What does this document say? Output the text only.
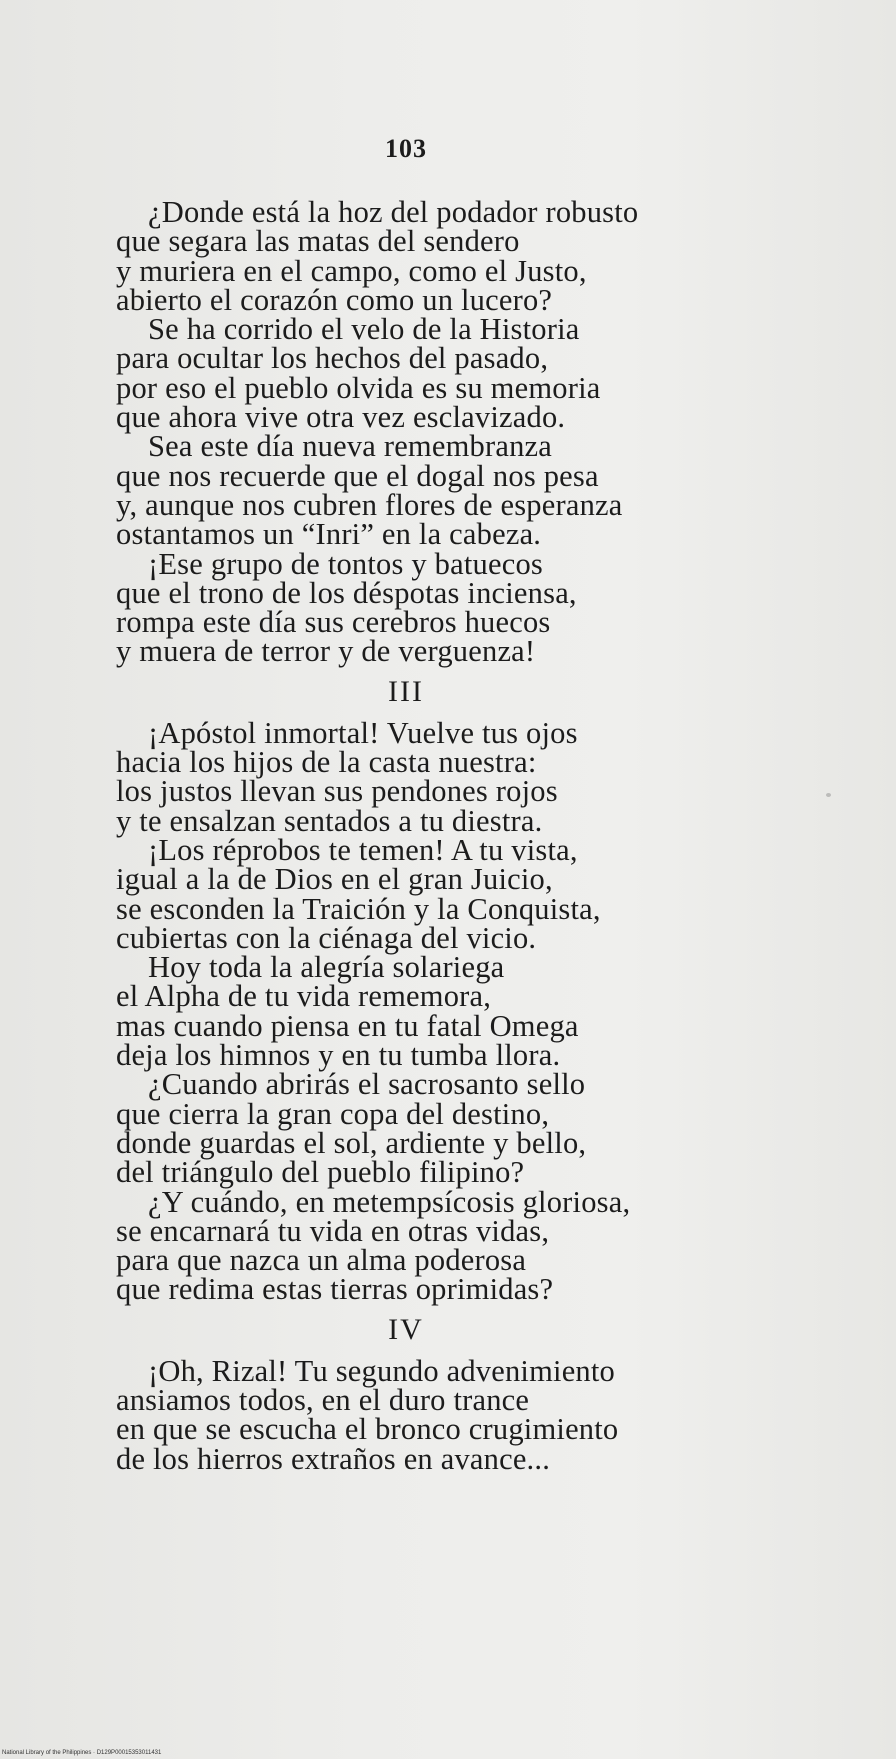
103
¿Donde está la hoz del podador robusto
que segara las matas del sendero
y muriera en el campo, como el Justo,
abierto el corazón como un lucero?
Se ha corrido el velo de la Historia
para ocultar los hechos del pasado,
por eso el pueblo olvida es su memoria
que ahora vive otra vez esclavizado.
Sea este día nueva remembranza
que nos recuerde que el dogal nos pesa
y, aunque nos cubren flores de esperanza
ostantamos un “Inri” en la cabeza.
¡Ese grupo de tontos y batuecos
que el trono de los déspotas inciensa,
rompa este día sus cerebros huecos
y muera de terror y de verguenza!
III
¡Apóstol inmortal! Vuelve tus ojos
hacia los hijos de la casta nuestra:
los justos llevan sus pendones rojos
y te ensalzan sentados a tu diestra.
¡Los réprobos te temen! A tu vista,
igual a la de Dios en el gran Juicio,
se esconden la Traición y la Conquista,
cubiertas con la ciénaga del vicio.
Hoy toda la alegría solariega
el Alpha de tu vida rememora,
mas cuando piensa en tu fatal Omega
deja los himnos y en tu tumba llora.
¿Cuando abrirás el sacrosanto sello
que cierra la gran copa del destino,
donde guardas el sol, ardiente y bello,
del triángulo del pueblo filipino?
¿Y cuándo, en metempsícosis gloriosa,
se encarnará tu vida en otras vidas,
para que nazca un alma poderosa
que redima estas tierras oprimidas?
IV
¡Oh, Rizal! Tu segundo advenimiento
ansiamos todos, en el duro trance
en que se escucha el bronco crugimiento
de los hierros extraños en avance...
National Library of the Philippines · D129P00015353011431
